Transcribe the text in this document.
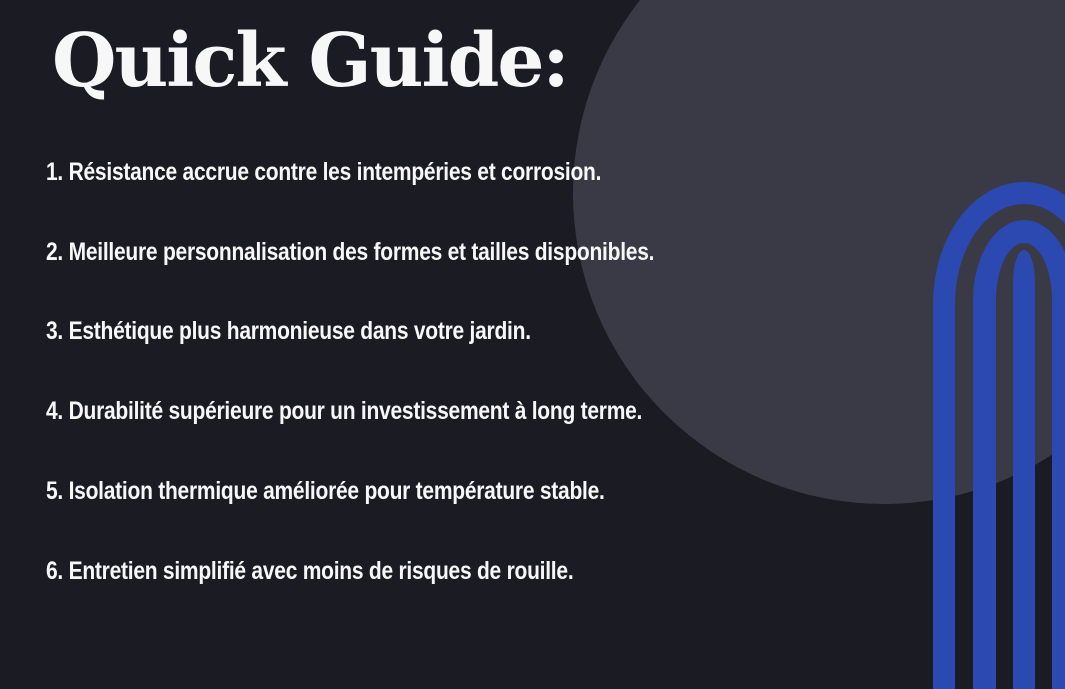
Quick Guide:
1. Résistance accrue contre les intempéries et corrosion.
2. Meilleure personnalisation des formes et tailles disponibles.
3. Esthétique plus harmonieuse dans votre jardin.
4. Durabilité supérieure pour un investissement à long terme.
5. Isolation thermique améliorée pour température stable.
6. Entretien simplifié avec moins de risques de rouille.
